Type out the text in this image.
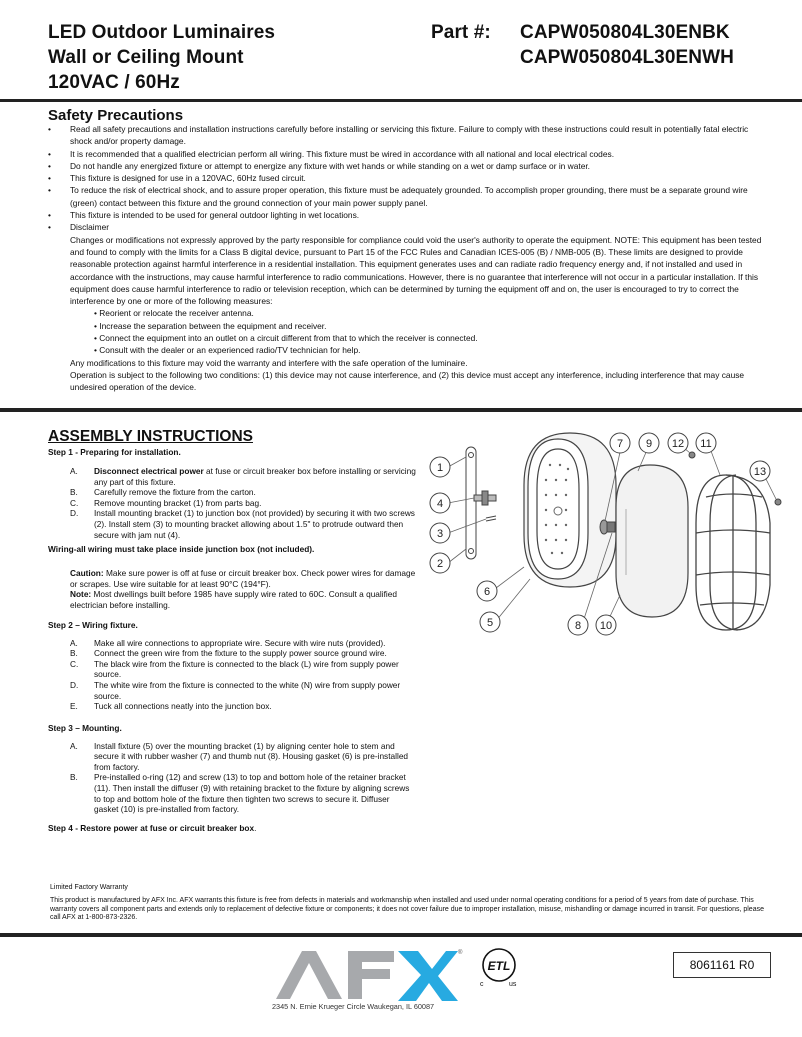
LED Outdoor Luminaires
Wall or Ceiling Mount
120VAC / 60Hz
Part #: CAPW050804L30ENBK
CAPW050804L30ENWH
Safety Precautions
• Read all safety precautions and installation instructions carefully before installing or servicing this fixture. Failure to comply with these instructions could result in potentially fatal electric shock and/or property damage.
• It is recommended that a qualified electrician perform all wiring. This fixture must be wired in accordance with all national and local electrical codes.
• Do not handle any energized fixture or attempt to energize any fixture with wet hands or while standing on a wet or damp surface or in water.
• This fixture is designed for use in a 120VAC, 60Hz fused circuit.
• To reduce the risk of electrical shock, and to assure proper operation, this fixture must be adequately grounded. To accomplish proper grounding, there must be a separate ground wire (green) contact between this fixture and the ground connection of your main power supply panel.
• This fixture is intended to be used for general outdoor lighting in wet locations.
• Disclaimer
Changes or modifications not expressly approved by the party responsible for compliance could void the user's authority to operate the equipment. NOTE: This equipment has been tested and found to comply with the limits for a Class B digital device, pursuant to Part 15 of the FCC Rules and Canadian ICES-005 (B) / NMB-005 (B). These limits are designed to provide reasonable protection against harmful interference in a residential installation. This equipment generates uses and can radiate radio frequency energy and, if not installed and used in accordance with the instructions, may cause harmful interference to radio communications. However, there is no guarantee that interference will not occur in a particular installation. If this equipment does cause harmful interference to radio or television reception, which can be determined by turning the equipment off and on, the user is encouraged to try to correct the interference by one or more of the following measures:
• Reorient or relocate the receiver antenna.
• Increase the separation between the equipment and receiver.
• Connect the equipment into an outlet on a circuit different from that to which the receiver is connected.
• Consult with the dealer or an experienced radio/TV technician for help.
Any modifications to this fixture may void the warranty and interfere with the safe operation of the luminaire.
Operation is subject to the following two conditions: (1) this device may not cause interference, and (2) this device must accept any interference, including interference that may cause undesired operation of the device.
ASSEMBLY INSTRUCTIONS
Step 1 - Preparing for installation.
A. Disconnect electrical power at fuse or circuit breaker box before installing or servicing any part of this fixture.
B. Carefully remove the fixture from the carton.
C. Remove mounting bracket (1) from parts bag.
D. Install mounting bracket (1) to junction box (not provided) by securing it with two screws (2). Install stem (3) to mounting bracket allowing about 1.5" to protrude outward then secure with jam nut (4).
Wiring-all wiring must take place inside junction box (not included).
Caution: Make sure power is off at fuse or circuit breaker box. Check power wires for damage or scrapes. Use wire suitable for at least 90°C (194°F).
Note: Most dwellings built before 1985 have supply wire rated to 60C. Consult a qualified electrician before installing.
Step 2 – Wiring fixture.
A. Make all wire connections to appropriate wire. Secure with wire nuts (provided).
B. Connect the green wire from the fixture to the supply power source ground wire.
C. The black wire from the fixture is connected to the black (L) wire from supply power source.
D. The white wire from the fixture is connected to the white (N) wire from supply power source.
E. Tuck all connections neatly into the junction box.
Step 3 – Mounting.
A. Install fixture (5) over the mounting bracket (1) by aligning center hole to stem and secure it with rubber washer (7) and thumb nut (8). Housing gasket (6) is pre-installed from factory.
B. Pre-installed o-ring (12) and screw (13) to top and bottom hole of the retainer bracket (11). Then install the diffuser (9) with retaining bracket to the fixture by aligning screws to top and bottom hole of the fixture then tighten two screws to secure it. Diffuser gasket (10) is pre-installed from factory.
Step 4 - Restore power at fuse or circuit breaker box.
1
4
3
2
6
5
7 9 12 11
13
8 10
Limited Factory Warranty
This product is manufactured by AFX Inc. AFX warrants this fixture is free from defects in materials and workmanship when installed and used under normal operating conditions for a period of 5 years from date of purchase. This warranty covers all component parts and extends only to replacement of defective fixture or components; it does not cover failure due to improper installation, misuse, mishandling or damage incurred in transit. For questions, please call AFX at 1-800-873-2326.
®
2345 N. Ernie Krueger Circle Waukegan, IL 60087
ETL
c	us
8061161 R0
